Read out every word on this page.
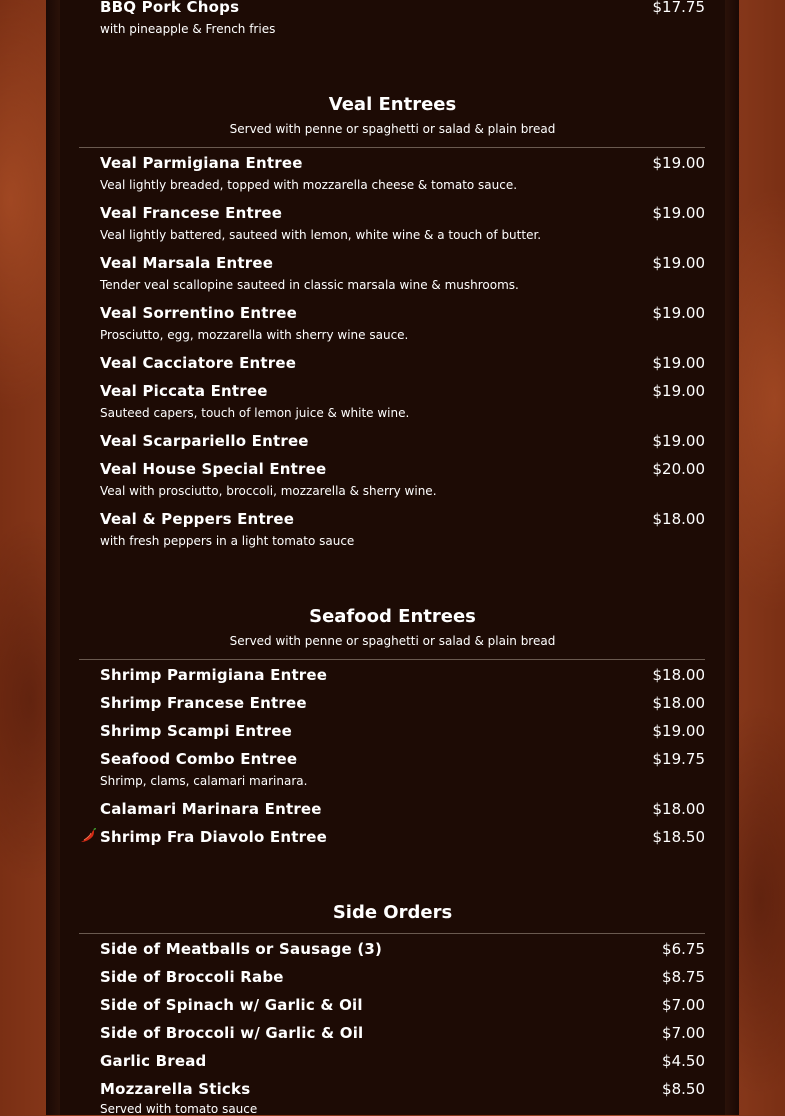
BBQ Pork Chops	$17.75
with pineapple & French fries
Veal Entrees
Served with penne or spaghetti or salad & plain bread
Veal Parmigiana Entree	$19.00
Veal lightly breaded, topped with mozzarella cheese & tomato sauce.
Veal Francese Entree	$19.00
Veal lightly battered, sauteed with lemon, white wine & a touch of butter.
Veal Marsala Entree	$19.00
Tender veal scallopine sauteed in classic marsala wine & mushrooms.
Veal Sorrentino Entree	$19.00
Prosciutto, egg, mozzarella with sherry wine sauce.
Veal Cacciatore Entree	$19.00
Veal Piccata Entree	$19.00
Sauteed capers, touch of lemon juice & white wine.
Veal Scarpariello Entree	$19.00
Veal House Special Entree	$20.00
Veal with prosciutto, broccoli, mozzarella & sherry wine.
Veal & Peppers Entree	$18.00
with fresh peppers in a light tomato sauce
Seafood Entrees
Served with penne or spaghetti or salad & plain bread
Shrimp Parmigiana Entree	$18.00
Shrimp Francese Entree	$18.00
Shrimp Scampi Entree	$19.00
Seafood Combo Entree	$19.75
Shrimp, clams, calamari marinara.
Calamari Marinara Entree	$18.00
Shrimp Fra Diavolo Entree	$18.50
Side Orders
Side of Meatballs or Sausage (3)	$6.75
Side of Broccoli Rabe	$8.75
Side of Spinach w/ Garlic & Oil	$7.00
Side of Broccoli w/ Garlic & Oil	$7.00
Garlic Bread	$4.50
Mozzarella Sticks	$8.50
Served with tomato sauce
